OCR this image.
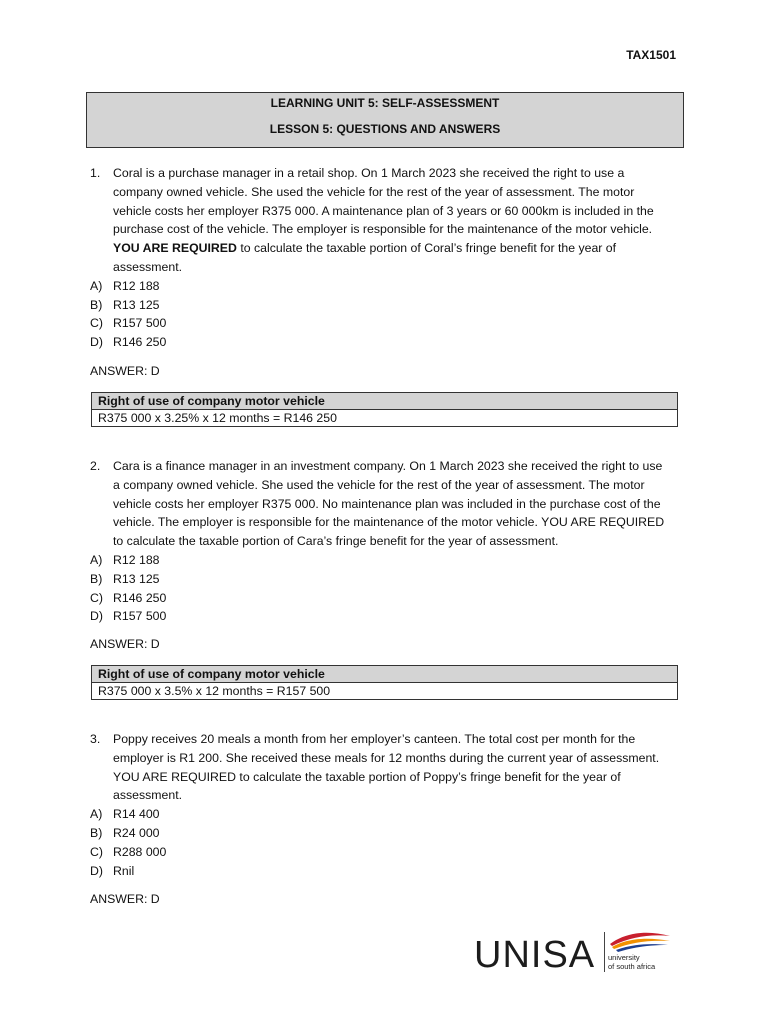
TAX1501
LEARNING UNIT 5: SELF-ASSESSMENT
LESSON 5: QUESTIONS AND ANSWERS
1.	Coral is a purchase manager in a retail shop. On 1 March 2023 she received the right to use a
company owned vehicle. She used the vehicle for the rest of the year of assessment. The motor
vehicle costs her employer R375 000. A maintenance plan of 3 years or 60 000km is included in the
purchase cost of the vehicle. The employer is responsible for the maintenance of the motor vehicle.
YOU ARE REQUIRED to calculate the taxable portion of Coral’s fringe benefit for the year of
assessment.
A) R12 188
B) R13 125
C) R157 500
D) R146 250
ANSWER: D
Right of use of company motor vehicle
R375 000 x 3.25% x 12 months = R146 250
2.	Cara is a finance manager in an investment company. On 1 March 2023 she received the right to use
a company owned vehicle. She used the vehicle for the rest of the year of assessment. The motor
vehicle costs her employer R375 000. No maintenance plan was included in the purchase cost of the
vehicle. The employer is responsible for the maintenance of the motor vehicle. YOU ARE REQUIRED
to calculate the taxable portion of Cara’s fringe benefit for the year of assessment.
A) R12 188
B) R13 125
C) R146 250
D) R157 500
ANSWER: D
Right of use of company motor vehicle
R375 000 x 3.5% x 12 months = R157 500
3.	Poppy receives 20 meals a month from her employer’s canteen. The total cost per month for the
employer is R1 200. She received these meals for 12 months during the current year of assessment.
YOU ARE REQUIRED to calculate the taxable portion of Poppy’s fringe benefit for the year of
assessment.
A) R14 400
B) R24 000
C) R288 000
D) Rnil
ANSWER: D
UNISA university
of south africa
